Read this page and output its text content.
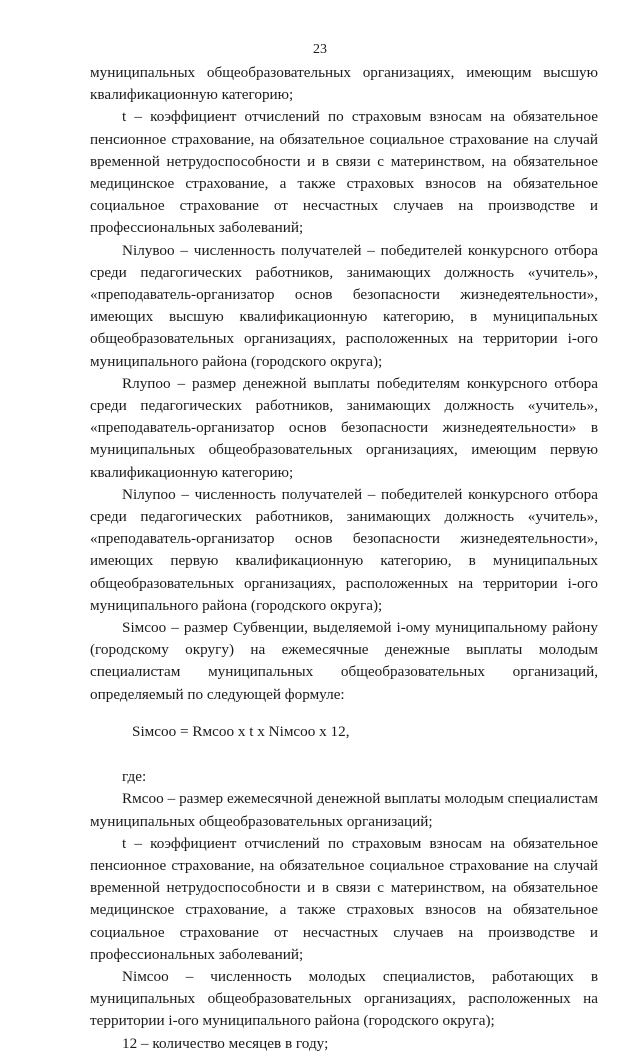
23

муниципальных общеобразовательных организациях, имеющим высшую квалификационную категорию;

t – коэффициент отчислений по страховым взносам на обязательное пенсионное страхование, на обязательное социальное страхование на случай временной нетрудоспособности и в связи с материнством, на обязательное медицинское страхование, а также страховых взносов на обязательное социальное страхование от несчастных случаев на производстве и профессиональных заболеваний;

Niлувоо – численность получателей – победителей конкурсного отбора среди педагогических работников, занимающих должность «учитель», «преподаватель-организатор основ безопасности жизнедеятельности», имеющих высшую квалификационную категорию, в муниципальных общеобразовательных организациях, расположенных на территории i-ого муниципального района (городского округа);

Rлупоо – размер денежной выплаты победителям конкурсного отбора среди педагогических работников, занимающих должность «учитель», «преподаватель-организатор основ безопасности жизнедеятельности» в муниципальных общеобразовательных организациях, имеющим первую квалификационную категорию;

Niлупоо – численность получателей – победителей конкурсного отбора среди педагогических работников, занимающих должность «учитель», «преподаватель-организатор основ безопасности жизнедеятельности», имеющих первую квалификационную категорию, в муниципальных общеобразовательных организациях, расположенных на территории i-ого муниципального района (городского округа);

Siмсоо – размер Субвенции, выделяемой i-ому муниципальному району (городскому округу) на ежемесячные денежные выплаты молодым специалистам муниципальных общеобразовательных организаций, определяемый по следующей формуле:

Siмсоо = Rмсоо x t x Niмсоо x 12,

где:

Rмсоо – размер ежемесячной денежной выплаты молодым специалистам муниципальных общеобразовательных организаций;

t – коэффициент отчислений по страховым взносам на обязательное пенсионное страхование, на обязательное социальное страхование на случай временной нетрудоспособности и в связи с материнством, на обязательное медицинское страхование, а также страховых взносов на обязательное социальное страхование от несчастных случаев на производстве и профессиональных заболеваний;

Niмсоо – численность молодых специалистов, работающих в муниципальных общеобразовательных организациях, расположенных на территории i-ого муниципального района (городского округа);

12 – количество месяцев в году;
